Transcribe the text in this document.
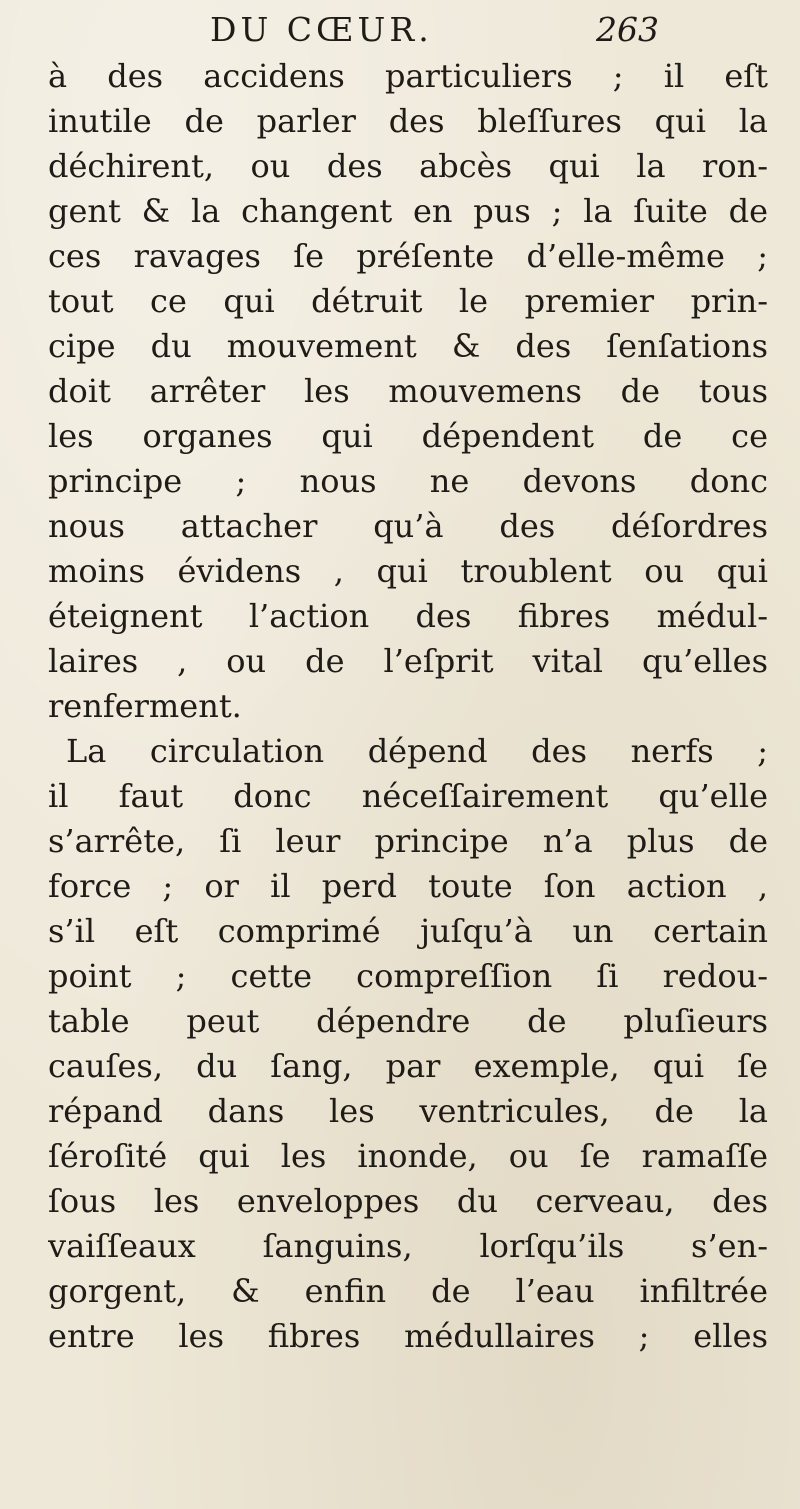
DU CŒUR.	263
à des accidens particuliers ; il eſt
inutile de parler des bleſſures qui la
déchirent, ou des abcès qui la ron-
gent & la changent en pus ; la ſuite de
ces ravages ſe préſente d’elle-même ;
tout ce qui détruit le premier prin-
cipe du mouvement & des ſenſations
doit arrêter les mouvemens de tous
les organes qui dépendent de ce
principe ; nous ne devons donc
nous attacher qu’à des déſordres
moins évidens , qui troublent ou qui
éteignent l’action des fibres médul-
laires , ou de l’eſprit vital qu’elles
renferment.
La circulation dépend des nerfs ;
il faut donc néceſſairement qu’elle
s’arrête, ſi leur principe n’a plus de
force ; or il perd toute ſon action ,
s’il eſt comprimé juſqu’à un certain
point ; cette compreſſion ſi redou-
table peut dépendre de pluſieurs
cauſes, du ſang, par exemple, qui ſe
répand dans les ventricules, de la
ſéroſité qui les inonde, ou ſe ramaſſe
ſous les enveloppes du cerveau, des
vaiſſeaux ſanguins, lorſqu’ils s’en-
gorgent, & enfin de l’eau infiltrée
entre les fibres médullaires ; elles
